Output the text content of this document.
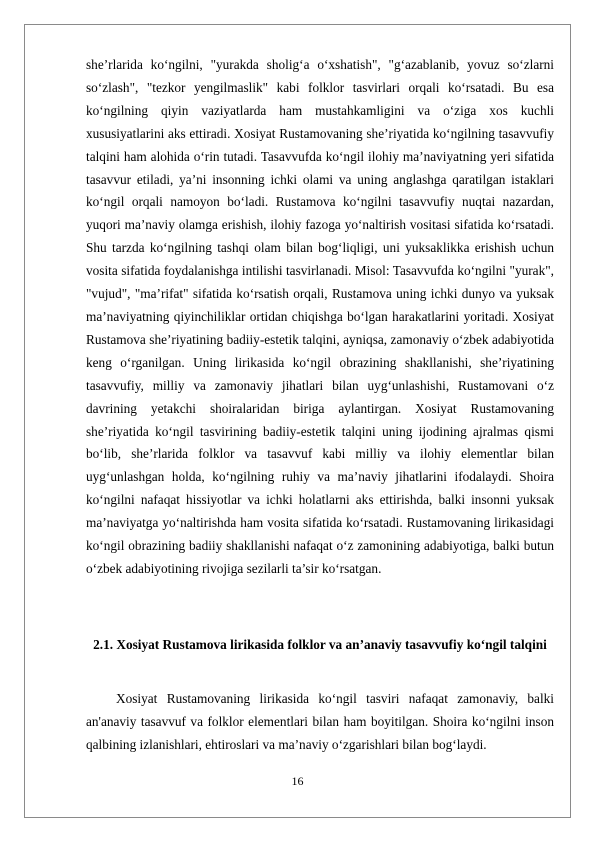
she’rlarida ko‘ngilni, "yurakda sholig‘a o‘xshatish", "g‘azablanib, yovuz so‘zlarni so‘zlash", "tezkor yengilmaslik" kabi folklor tasvirlari orqali ko‘rsatadi. Bu esa ko‘ngilning qiyin vaziyatlarda ham mustahkamligini va o‘ziga xos kuchli xususiyatlarini aks ettiradi. Xosiyat Rustamovaning she’riyatida ko‘ngilning tasavvufiy talqini ham alohida o‘rin tutadi. Tasavvufda ko‘ngil ilohiy ma’naviyatning yeri sifatida tasavvur etiladi, ya’ni insonning ichki olami va uning anglashga qaratilgan istaklari ko‘ngil orqali namoyon bo‘ladi. Rustamova ko‘ngilni tasavvufiy nuqtai nazardan, yuqori ma’naviy olamga erishish, ilohiy fazoga yo‘naltirish vositasi sifatida ko‘rsatadi. Shu tarzda ko‘ngilning tashqi olam bilan bog‘liqligi, uni yuksaklikka erishish uchun vosita sifatida foydalanishga intilishi tasvirlanadi. Misol: Tasavvufda ko‘ngilni "yurak", "vujud", "ma’rifat" sifatida ko‘rsatish orqali, Rustamova uning ichki dunyo va yuksak ma’naviyatning qiyinchiliklar ortidan chiqishga bo‘lgan harakatlarini yoritadi. Xosiyat Rustamova she’riyatining badiiy-estetik talqini, ayniqsa, zamonaviy o‘zbek adabiyotida keng o‘rganilgan. Uning lirikasida ko‘ngil obrazining shakllanishi, she’riyatining tasavvufiy, milliy va zamonaviy jihatlari bilan uyg‘unlashishi, Rustamovani o‘z davrining yetakchi shoiralaridan biriga aylantirgan. Xosiyat Rustamovaning she’riyatida ko‘ngil tasvirining badiiy-estetik talqini uning ijodining ajralmas qismi bo‘lib, she’rlarida folklor va tasavvuf kabi milliy va ilohiy elementlar bilan uyg‘unlashgan holda, ko‘ngilning ruhiy va ma’naviy jihatlarini ifodalaydi. Shoira ko‘ngilni nafaqat hissiyotlar va ichki holatlarni aks ettirishda, balki insonni yuksak ma’naviyatga yo‘naltirishda ham vosita sifatida ko‘rsatadi. Rustamovaning lirikasidagi ko‘ngil obrazining badiiy shakllanishi nafaqat o‘z zamonining adabiyotiga, balki butun o‘zbek adabiyotining rivojiga sezilarli ta’sir ko‘rsatgan.

2.1. Xosiyat Rustamova lirikasida folklor va an’anaviy tasavvufiy ko‘ngil talqini

Xosiyat Rustamovaning lirikasida ko‘ngil tasviri nafaqat zamonaviy, balki an'anaviy tasavvuf va folklor elementlari bilan ham boyitilgan. Shoira ko‘ngilni inson qalbining izlanishlari, ehtiroslari va ma’naviy o‘zgarishlari bilan bog‘laydi.

16
